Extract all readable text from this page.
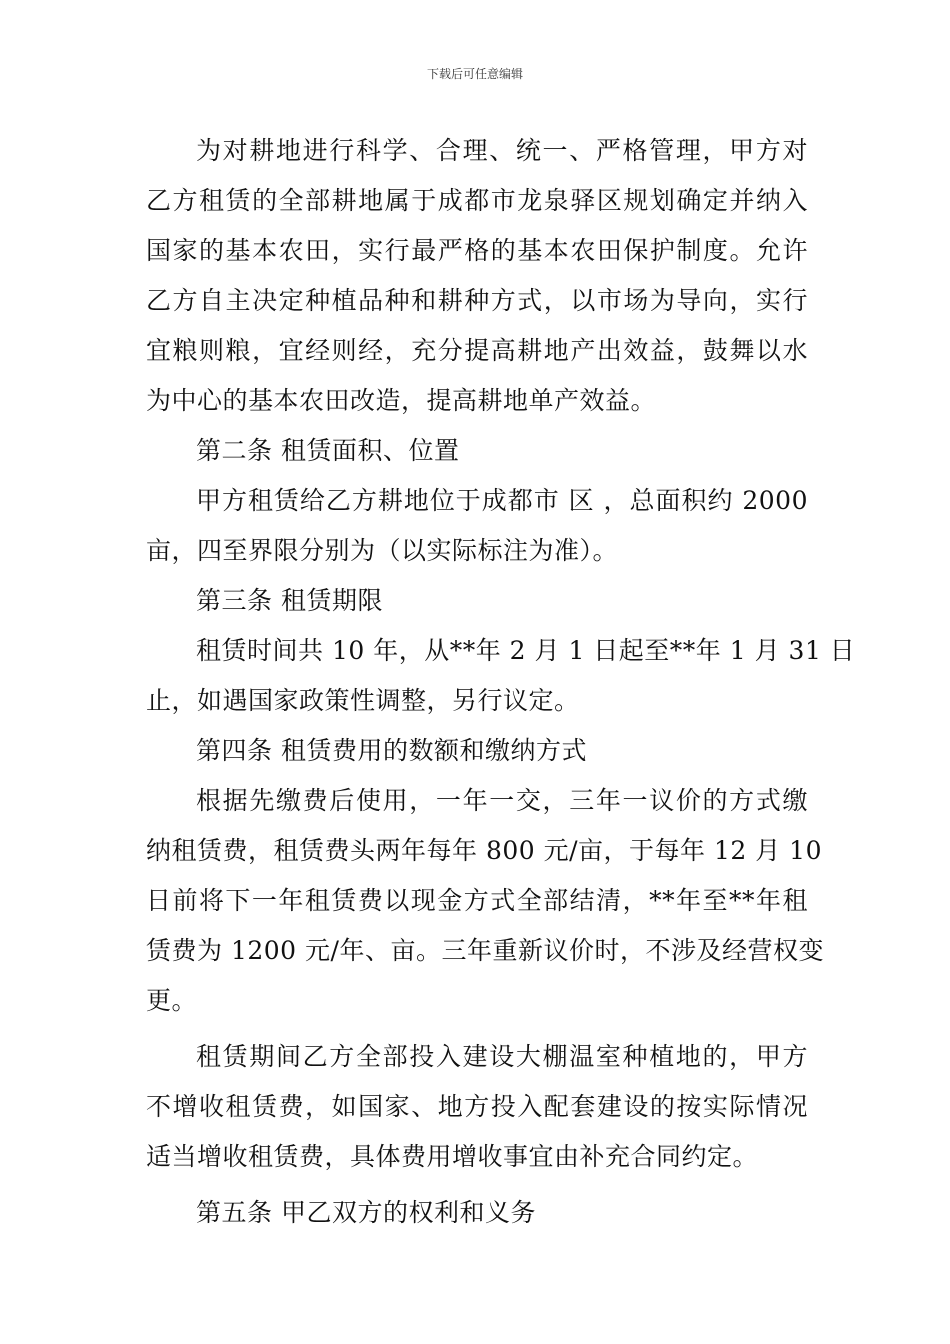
下载后可任意编辑

为对耕地进行科学、合理、统一、严格管理，甲方对

乙方租赁的全部耕地属于成都市龙泉驿区规划确定并纳入

国家的基本农田，实行最严格的基本农田保护制度。允许

乙方自主决定种植品种和耕种方式，以市场为导向，实行

宜粮则粮，宜经则经，充分提高耕地产出效益，鼓舞以水

为中心的基本农田改造，提高耕地单产效益。

第二条 租赁面积、位置

甲方租赁给乙方耕地位于成都市 区 ，总面积约 2000

亩，四至界限分别为（以实际标注为准）。

第三条 租赁期限

租赁时间共 10 年，从**年 2 月 1 日起至**年 1 月 31 日

止，如遇国家政策性调整，另行议定。

第四条 租赁费用的数额和缴纳方式

根据先缴费后使用，一年一交，三年一议价的方式缴

纳租赁费，租赁费头两年每年 800 元/亩，于每年 12 月 10

日前将下一年租赁费以现金方式全部结清，**年至**年租

赁费为 1200 元/年、亩。三年重新议价时，不涉及经营权变

更。

租赁期间乙方全部投入建设大棚温室种植地的，甲方

不增收租赁费，如国家、地方投入配套建设的按实际情况

适当增收租赁费，具体费用增收事宜由补充合同约定。

第五条 甲乙双方的权利和义务
